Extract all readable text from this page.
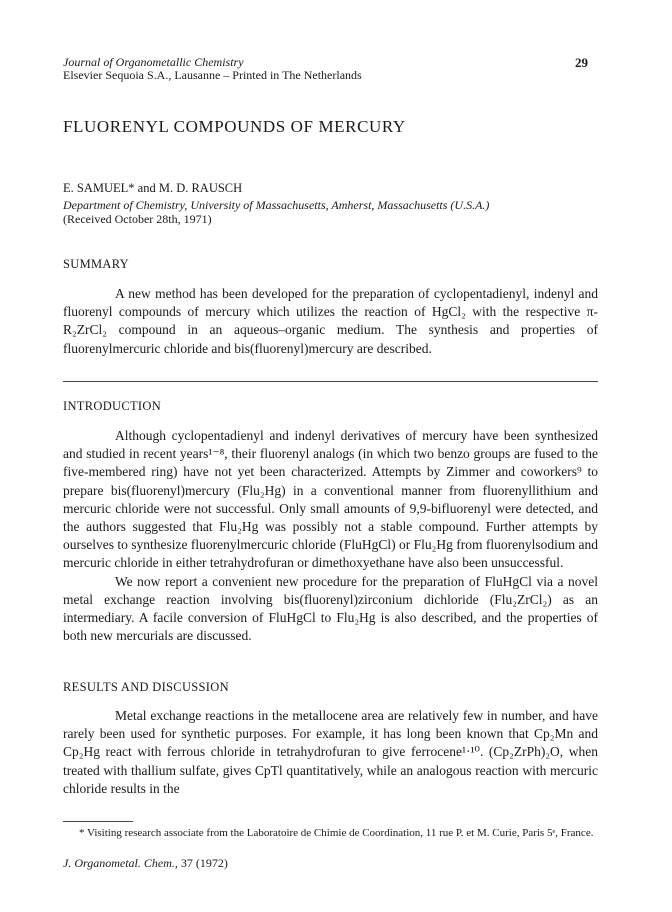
Journal of Organometallic Chemistry
Elsevier Sequoia S.A., Lausanne – Printed in The Netherlands
29
FLUORENYL COMPOUNDS OF MERCURY
E. SAMUEL* and M. D. RAUSCH
Department of Chemistry, University of Massachusetts, Amherst, Massachusetts (U.S.A.)
(Received October 28th, 1971)
SUMMARY

A new method has been developed for the preparation of cyclopentadienyl, indenyl and fluorenyl compounds of mercury which utilizes the reaction of HgCl₂ with the respective π-R₂ZrCl₂ compound in an aqueous–organic medium. The synthesis and properties of fluorenylmercuric chloride and bis(fluorenyl)mercury are described.

INTRODUCTION

Although cyclopentadienyl and indenyl derivatives of mercury have been synthesized and studied in recent years¹⁻⁸, their fluorenyl analogs (in which two benzo groups are fused to the five-membered ring) have not yet been characterized. Attempts by Zimmer and coworkers⁹ to prepare bis(fluorenyl)mercury (Flu₂Hg) in a conventional manner from fluorenyllithium and mercuric chloride were not successful. Only small amounts of 9,9-bifluorenyl were detected, and the authors suggested that Flu₂Hg was possibly not a stable compound. Further attempts by ourselves to synthesize fluorenylmercuric chloride (FluHgCl) or Flu₂Hg from fluorenylsodium and mercuric chloride in either tetrahydrofuran or dimethoxyethane have also been unsuccessful.

We now report a convenient new procedure for the preparation of FluHgCl via a novel metal exchange reaction involving bis(fluorenyl)zirconium dichloride (Flu₂ZrCl₂) as an intermediary. A facile conversion of FluHgCl to Flu₂Hg is also described, and the properties of both new mercurials are discussed.

RESULTS AND DISCUSSION

Metal exchange reactions in the metallocene area are relatively few in number, and have rarely been used for synthetic purposes. For example, it has long been known that Cp₂Mn and Cp₂Hg react with ferrous chloride in tetrahydrofuran to give ferrocene¹·¹⁰. (Cp₂ZrPh)₂O, when treated with thallium sulfate, gives CpTl quantitatively, while an analogous reaction with mercuric chloride results in the

* Visiting research associate from the Laboratoire de Chimie de Coordination, 11 rue P. et M. Curie, Paris 5ᵉ, France.
J. Organometal. Chem., 37 (1972)
